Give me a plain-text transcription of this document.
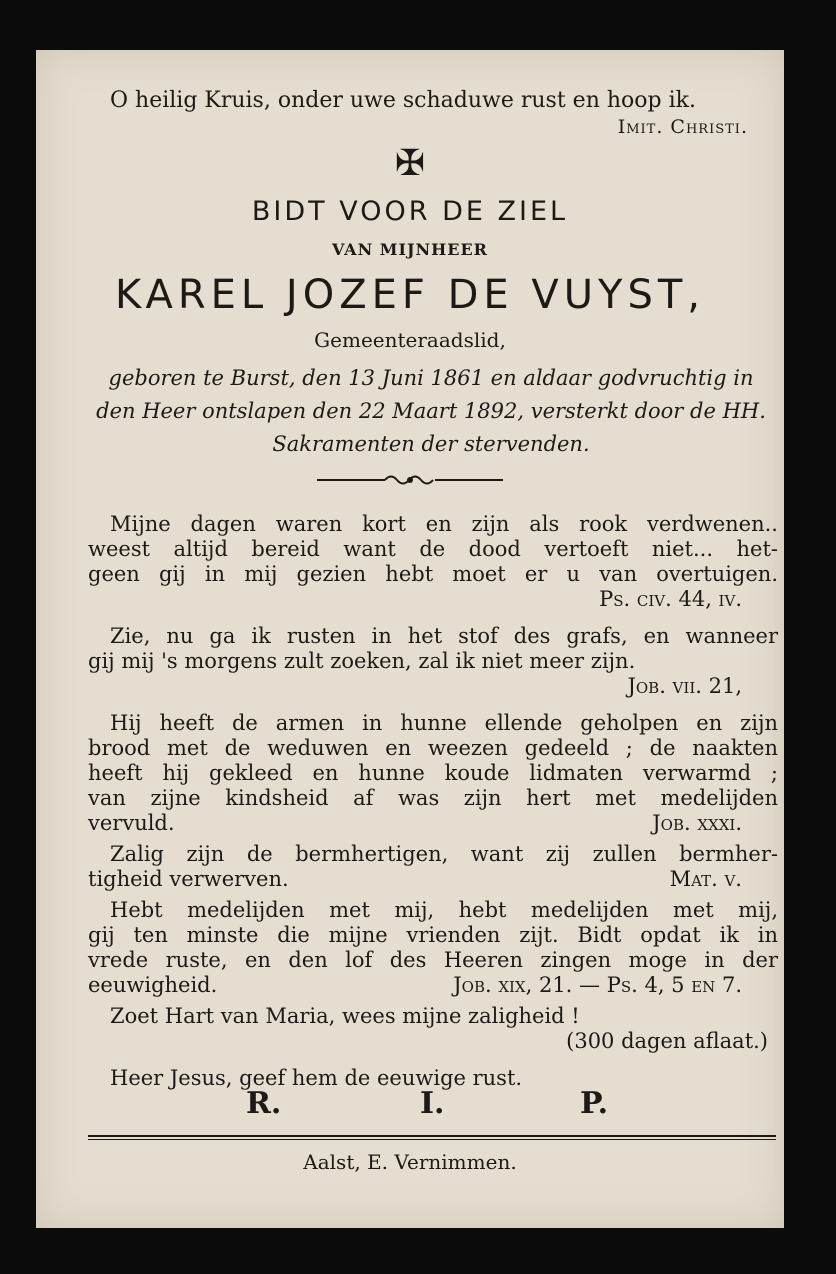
O heilig Kruis, onder uwe schaduwe rust en hoop ik.
Imit. Christi.
✠
BIDT VOOR DE ZIEL
VAN MIJNHEER
KAREL JOZEF DE VUYST,
Gemeenteraadslid,
geboren te Burst, den 13 Juni 1861 en aldaar godvruchtig in den Heer ontslapen den 22 Maart 1892, versterkt door de HH. Sakramenten der stervenden.
Mijne dagen waren kort en zijn als rook verdwenen..
weest altijd bereid want de dood vertoeft niet... het-
geen gij in mij gezien hebt moet er u van overtuigen.
Ps. civ. 44, iv.
Zie, nu ga ik rusten in het stof des grafs, en wanneer
gij mij 's morgens zult zoeken, zal ik niet meer zijn.
Job. vii. 21,
Hij heeft de armen in hunne ellende geholpen en zijn
brood met de weduwen en weezen gedeeld ; de naakten
heeft hij gekleed en hunne koude lidmaten verwarmd ;
van zijne kindsheid af was zijn hert met medelijden
vervuld.	Job. xxxi.
Zalig zijn de bermhertigen, want zij zullen bermher-
tigheid verwerven.	Mat. v.
Hebt medelijden met mij, hebt medelijden met mij,
gij ten minste die mijne vrienden zijt. Bidt opdat ik in
vrede ruste, en den lof des Heeren zingen moge in der
eeuwigheid.	Job. xix, 21. — Ps. 4, 5 en 7.
Zoet Hart van Maria, wees mijne zaligheid !
(300 dagen aflaat.)
Heer Jesus, geef hem de eeuwige rust.
R.	I.	P.
Aalst, E. Vernimmen.
